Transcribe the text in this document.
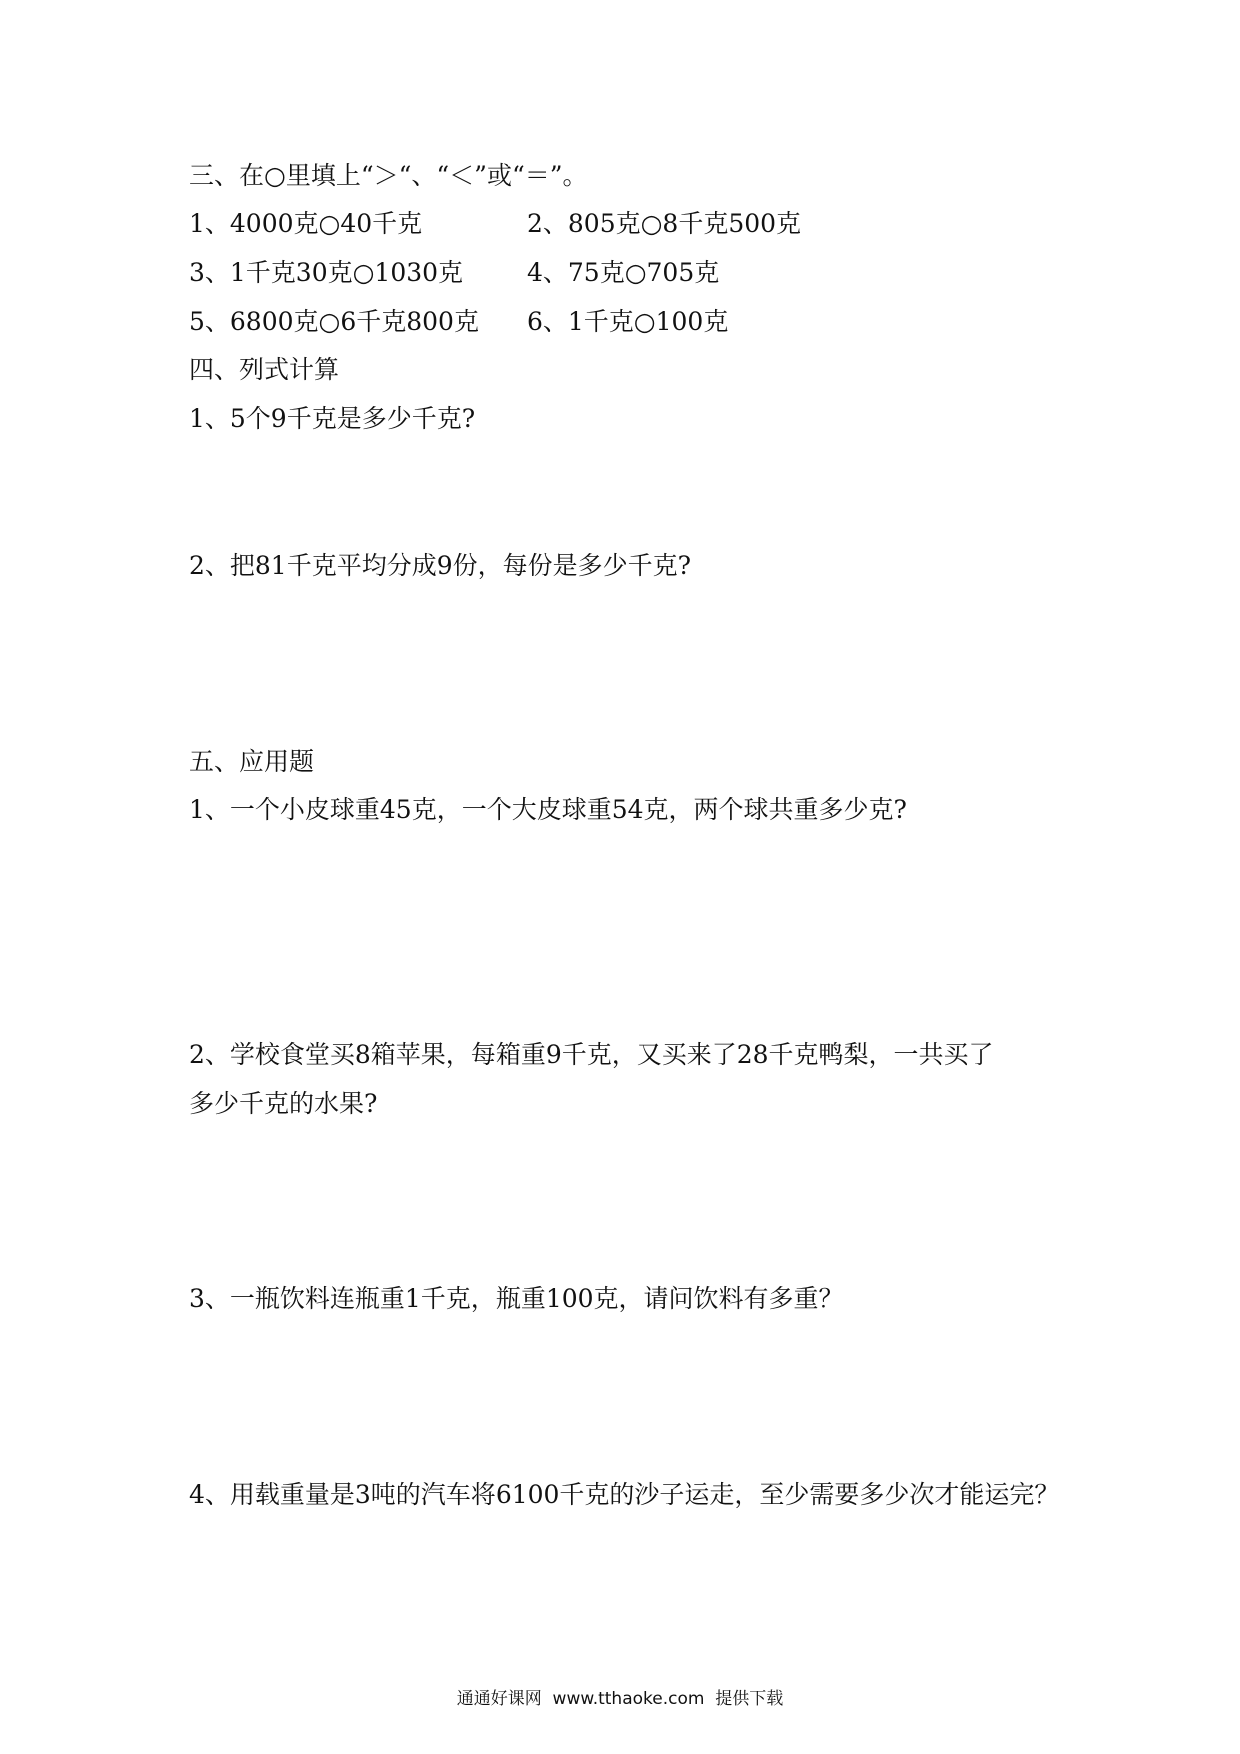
三、在○里填上“＞“、“＜”或“＝”。
1、4000克○40千克	2、805克○8千克500克
3、1千克30克○1030克	4、75克○705克
5、6800克○6千克800克 6、1千克○100克
四、列式计算
1、5个9千克是多少千克?
2、把81千克平均分成9份，每份是多少千克?
五、应用题
1、一个小皮球重45克，一个大皮球重54克，两个球共重多少克?
2、学校食堂买8箱苹果，每箱重9千克，又买来了28千克鸭梨，一共买了
多少千克的水果?
3、一瓶饮料连瓶重1千克，瓶重100克，请问饮料有多重？
4、用载重量是3吨的汽车将6100千克的沙子运走，至少需要多少次才能运完？
通通好课网  www.tthaoke.com  提供下载
